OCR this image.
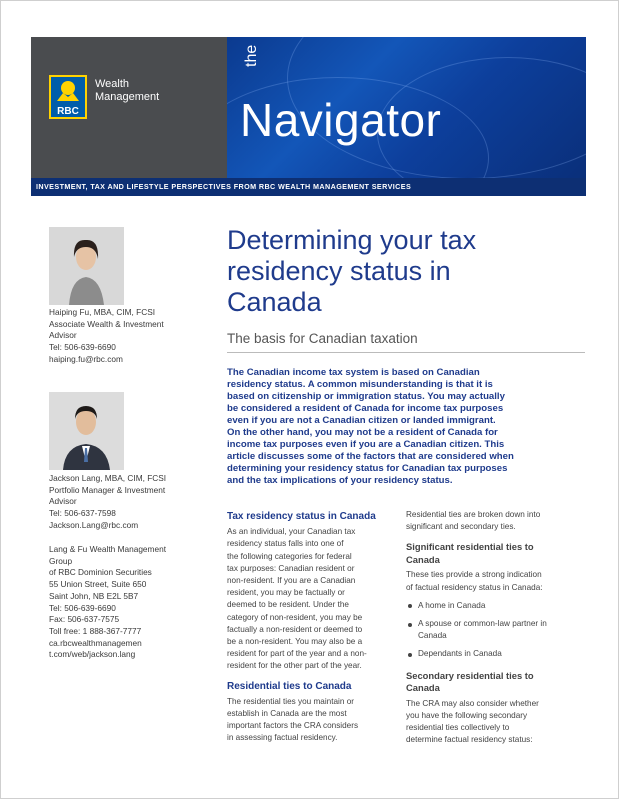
RBC
Wealth
Management
the
Navigator
INVESTMENT, TAX AND LIFESTYLE PERSPECTIVES FROM RBC WEALTH MANAGEMENT SERVICES
Haiping Fu, MBA, CIM, FCSI
Associate Wealth & Investment
Advisor
Tel: 506-639-6690
haiping.fu@rbc.com
Jackson Lang, MBA, CIM, FCSI
Portfolio Manager & Investment
Advisor
Tel: 506-637-7598
Jackson.Lang@rbc.com
Lang & Fu Wealth Management
Group
of RBC Dominion Securities
55 Union Street, Suite 650
Saint John, NB E2L 5B7
Tel: 506-639-6690
Fax: 506-637-7575
Toll free: 1 888-367-7777
ca.rbcwealthmanagemen
t.com/web/jackson.lang
Determining your tax
residency status in
Canada
The basis for Canadian taxation
The Canadian income tax system is based on Canadian
residency status. A common misunderstanding is that it is
based on citizenship or immigration status. You may actually
be considered a resident of Canada for income tax purposes
even if you are not a Canadian citizen or landed immigrant.
On the other hand, you may not be a resident of Canada for
income tax purposes even if you are a Canadian citizen. This
article discusses some of the factors that are considered when
determining your residency status for Canadian tax purposes
and the tax implications of your residency status.
Tax residency status in Canada
As an individual, your Canadian tax
residency status falls into one of
the following categories for federal
tax purposes: Canadian resident or
non-resident. If you are a Canadian
resident, you may be factually or
deemed to be resident. Under the
category of non-resident, you may be
factually a non-resident or deemed to
be a non-resident. You may also be a
resident for part of the year and a non-
resident for the other part of the year.
Residential ties to Canada
The residential ties you maintain or
establish in Canada are the most
important factors the CRA considers
in assessing factual residency.
Residential ties are broken down into
significant and secondary ties.
Significant residential ties to
Canada
These ties provide a strong indication
of factual residency status in Canada:
A home in Canada
A spouse or common-law partner in
Canada
Dependants in Canada
Secondary residential ties to
Canada
The CRA may also consider whether
you have the following secondary
residential ties collectively to
determine factual residency status:
